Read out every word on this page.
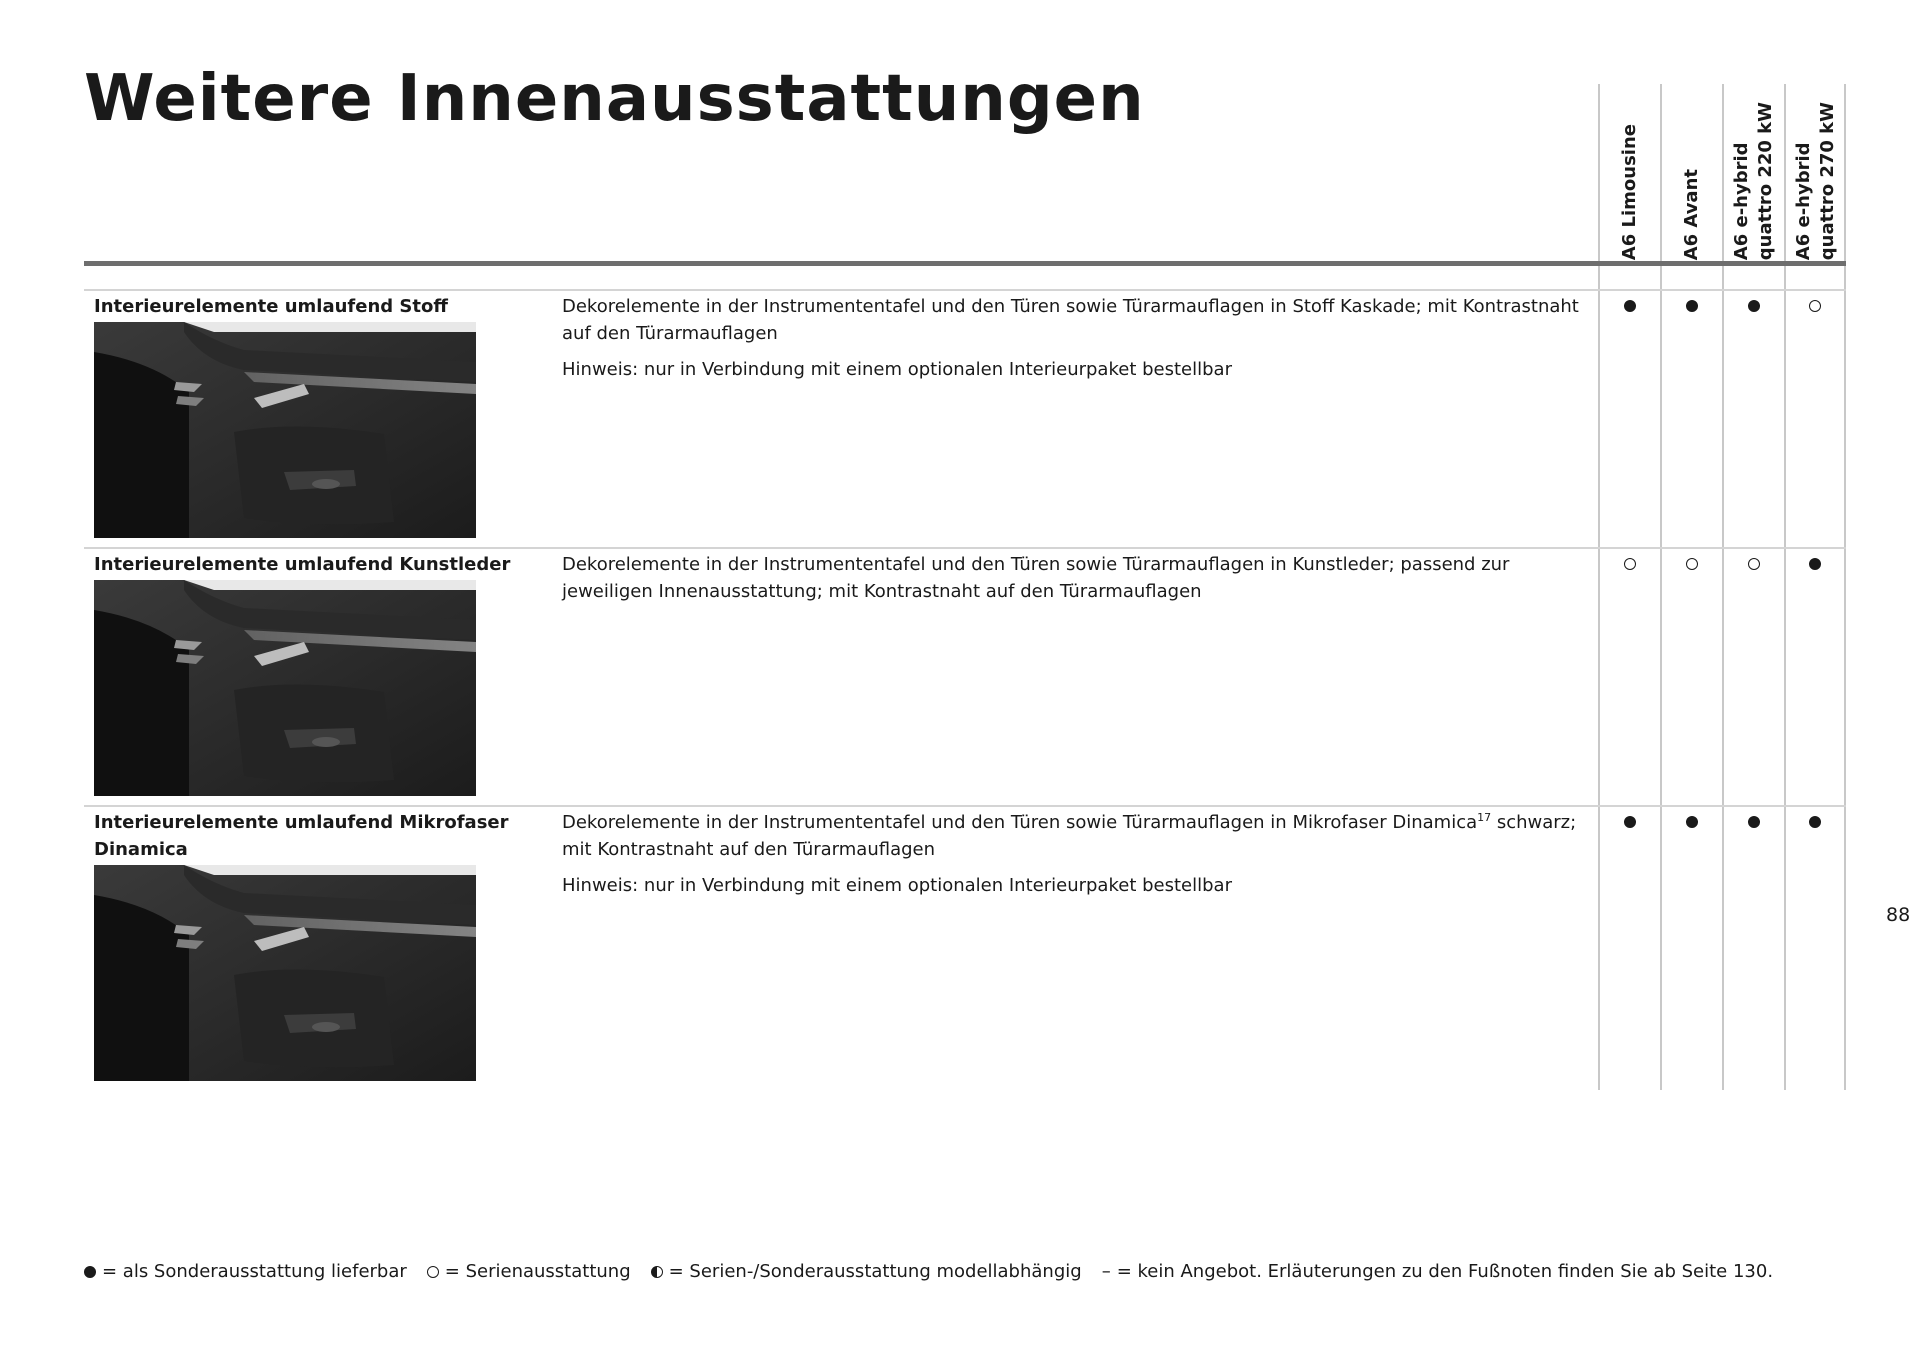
Weitere Innenausstattungen
A6 Limousine A6 Avant A6 e-hybrid
quattro 220 kW
A6 e-hybrid
quattro 270 kW

Interieurelemente umlaufend Stoff	Dekorelemente in der Instrumententafel und den Türen sowie Türarmauflagen in Stoff Kaskade; mit Kontrastnaht auf den Türarmauflagen

Hinweis: nur in Verbindung mit einem optionalen Interieurpaket bestellbar

Interieurelemente umlaufend Kunstleder	Dekorelemente in der Instrumententafel und den Türen sowie Türarmauflagen in Kunstleder; passend zur jeweiligen Innenausstattung; mit Kontrastnaht auf den Türarmauflagen

Interieurelemente umlaufend Mikrofaser Dinamica

Dekorelemente in der Instrumententafel und den Türen sowie Türarmauflagen in Mikrofaser Dinamica$^{17}$ schwarz; mit Kontrastnaht auf den Türarmauflagen

Hinweis: nur in Verbindung mit einem optionalen Interieurpaket bestellbar

88
= als Sonderausstattung lieferbar = Serienausstattung = Serien-/Sonderausstattung modellabhängig – = kein Angebot. Erläuterungen zu den Fußnoten finden Sie ab Seite 130.
